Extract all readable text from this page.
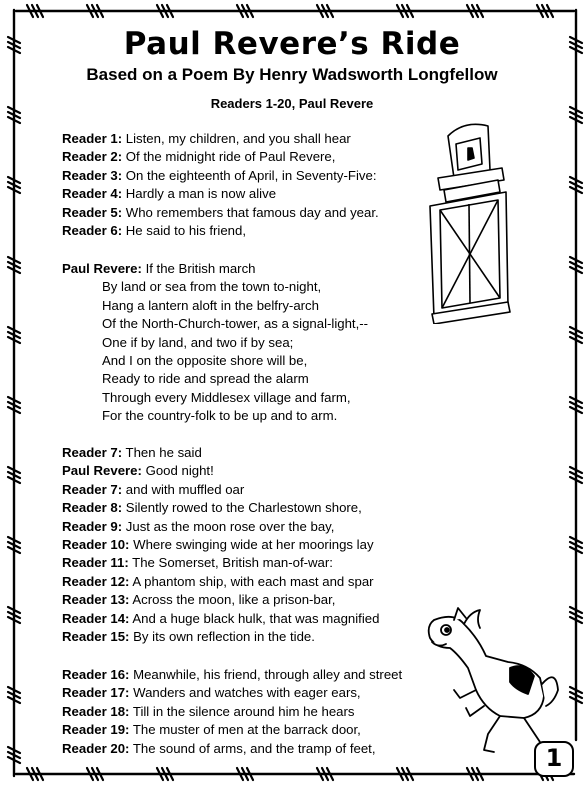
Paul Revere’s Ride
Based on a Poem By Henry Wadsworth Longfellow
Readers 1-20, Paul Revere
Reader 1: Listen, my children, and you shall hear
Reader 2: Of the midnight ride of Paul Revere,
Reader 3: On the eighteenth of April, in Seventy-Five:
Reader 4: Hardly a man is now alive
Reader 5: Who remembers that famous day and year.
Reader 6: He said to his friend,
Paul Revere: If the British march
By land or sea from the town to-night,
Hang a lantern aloft in the belfry-arch
Of the North-Church-tower, as a signal-light,--
One if by land, and two if by sea;
And I on the opposite shore will be,
Ready to ride and spread the alarm
Through every Middlesex village and farm,
For the country-folk to be up and to arm.
Reader 7: Then he said
Paul Revere: Good night!
Reader 7: and with muffled oar
Reader 8: Silently rowed to the Charlestown shore,
Reader 9: Just as the moon rose over the bay,
Reader 10: Where swinging wide at her moorings lay
Reader 11: The Somerset, British man-of-war:
Reader 12: A phantom ship, with each mast and spar
Reader 13: Across the moon, like a prison-bar,
Reader 14: And a huge black hulk, that was magnified
Reader 15: By its own reflection in the tide.
Reader 16: Meanwhile, his friend, through alley and street
Reader 17: Wanders and watches with eager ears,
Reader 18: Till in the silence around him he hears
Reader 19: The muster of men at the barrack door,
Reader 20: The sound of arms, and the tramp of feet,	1
